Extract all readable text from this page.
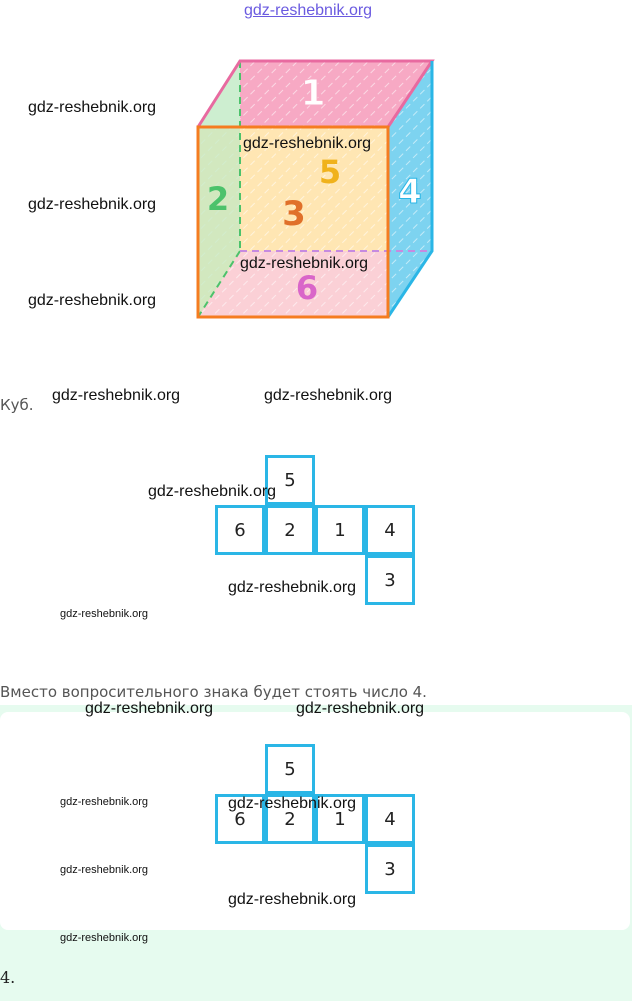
gdz-reshebnik.org
1
2 3
4
5
6
gdz-reshebnik.org
gdz-reshebnik.org
gdz-reshebnik.org
gdz-reshebnik.org
gdz-reshebnik.org
Куб.
gdz-reshebnik.org	gdz-reshebnik.org
5
6	2	1	4
3
gdz-reshebnik.org
gdz-reshebnik.org
gdz-reshebnik.org
Вместо вопросительного знака будет стоять число 4.
gdz-reshebnik.org	gdz-reshebnik.org
5
6	2	1	4
3
gdz-reshebnik.org	gdz-reshebnik.org
gdz-reshebnik.org
gdz-reshebnik.org
gdz-reshebnik.org
4.
